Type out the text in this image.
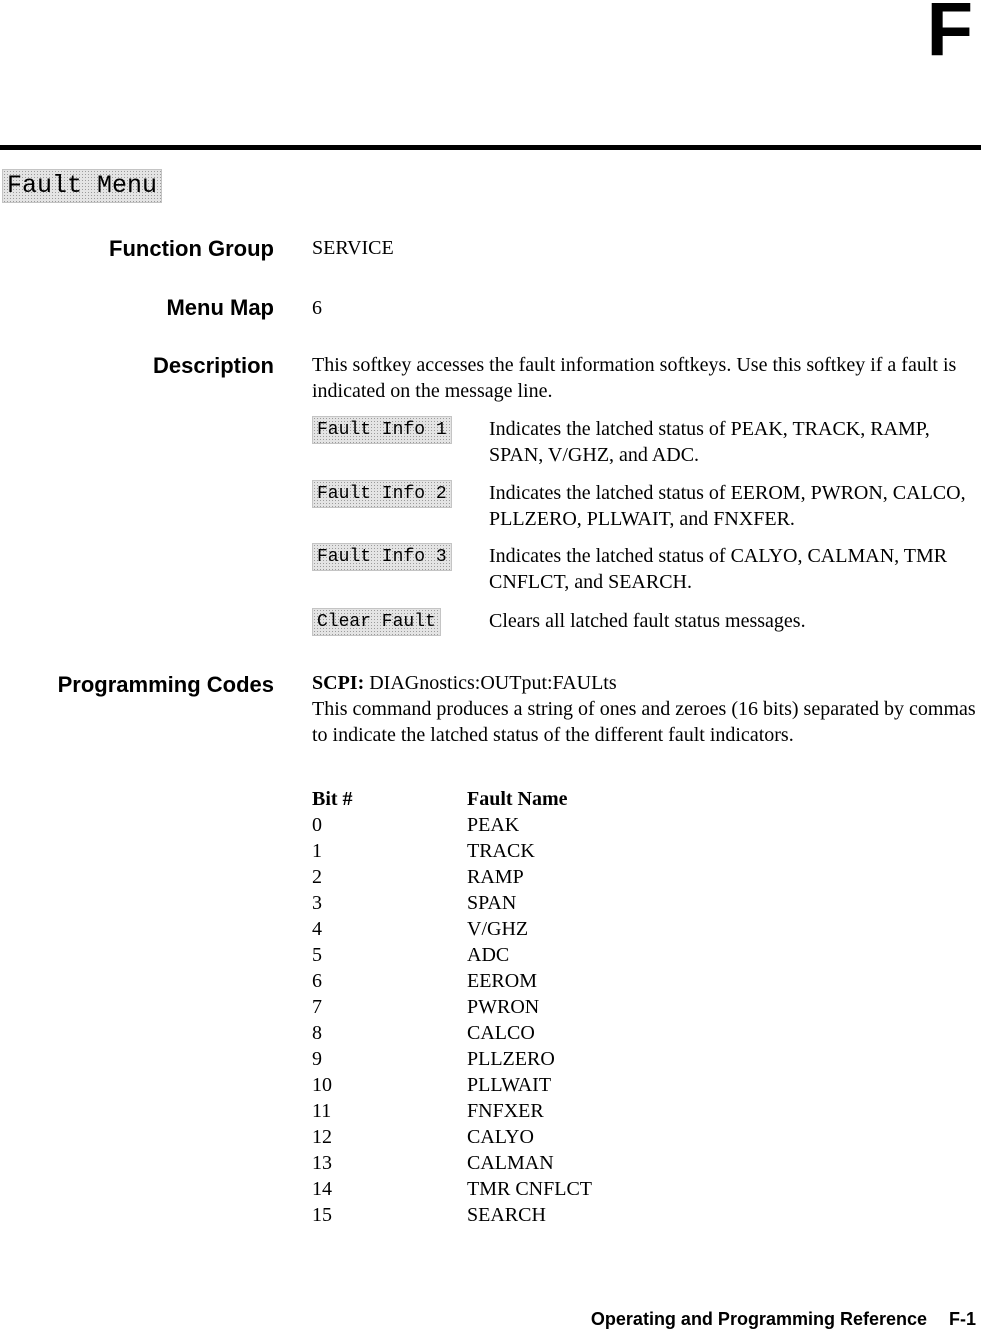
F
Fault Menu
Function Group SERVICE
Menu Map 6
Description This softkey accesses the fault information softkeys. Use this softkey if a fault is indicated on the message line.
Fault Info 1 Indicates the latched status of PEAK, TRACK, RAMP, SPAN, V/GHZ, and ADC.
Fault Info 2 Indicates the latched status of EEROM, PWRON, CALCO, PLLZERO, PLLWAIT, and FNXFER.
Fault Info 3 Indicates the latched status of CALYO, CALMAN, TMR CNFLCT, and SEARCH.
Clear Fault	Clears all latched fault status messages.
Programming Codes SCPI: DIAGnostics:OUTput:FAULts
This command produces a string of ones and zeroes (16 bits) separated by commas to indicate the latched status of the different fault indicators.
Bit #	Fault Name
0	PEAK
1	TRACK
2	RAMP
3	SPAN
4	V/GHZ
5	ADC
6	EEROM
7	PWRON
8	CALCO
9	PLLZERO
10	PLLWAIT
11	FNFXER
12	CALYO
13	CALMAN
14	TMR CNFLCT
15	SEARCH
Operating and Programming Reference F-1
